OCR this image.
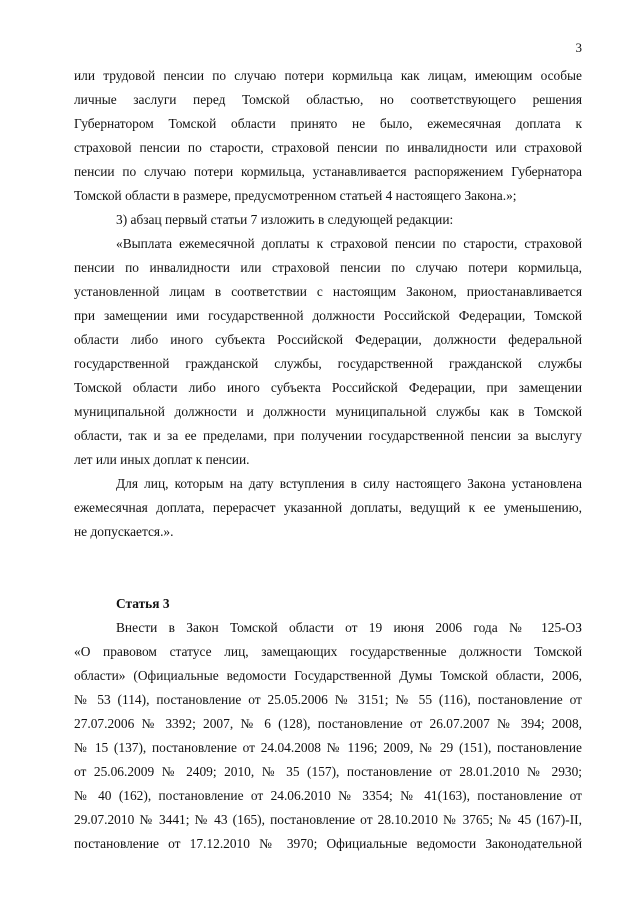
3
или трудовой пенсии по случаю потери кормильца как лицам, имеющим особые
личные заслуги перед Томской областью, но соответствующего решения
Губернатором Томской области принято не было, ежемесячная доплата к
страховой пенсии по старости, страховой пенсии по инвалидности или страховой
пенсии по случаю потери кормильца, устанавливается распоряжением Губернатора
Томской области в размере, предусмотренном статьей 4 настоящего Закона.»;
3) абзац первый статьи 7 изложить в следующей редакции:
«Выплата ежемесячной доплаты к страховой пенсии по старости, страховой
пенсии по инвалидности или страховой пенсии по случаю потери кормильца,
установленной лицам в соответствии с настоящим Законом, приостанавливается
при замещении ими государственной должности Российской Федерации, Томской
области либо иного субъекта Российской Федерации, должности федеральной
государственной гражданской службы, государственной гражданской службы
Томской области либо иного субъекта Российской Федерации, при замещении
муниципальной должности и должности муниципальной службы как в Томской
области, так и за ее пределами, при получении государственной пенсии за выслугу
лет или иных доплат к пенсии.
Для лиц, которым на дату вступления в силу настоящего Закона установлена
ежемесячная доплата, перерасчет указанной доплаты, ведущий к ее уменьшению,
не допускается.».
Статья 3
Внести в Закон Томской области от 19 июня 2006 года № 125-ОЗ
«О правовом статусе лиц, замещающих государственные должности Томской
области» (Официальные ведомости Государственной Думы Томской области, 2006,
№ 53 (114), постановление от 25.05.2006 № 3151; № 55 (116), постановление от
27.07.2006 № 3392; 2007, № 6 (128), постановление от 26.07.2007 № 394; 2008,
№ 15 (137), постановление от 24.04.2008 № 1196; 2009, № 29 (151), постановление
от 25.06.2009 № 2409; 2010, № 35 (157), постановление от 28.01.2010 № 2930;
№ 40 (162), постановление от 24.06.2010 № 3354; № 41(163), постановление от
29.07.2010 № 3441; № 43 (165), постановление от 28.10.2010 № 3765; № 45 (167)-II,
постановление от 17.12.2010 № 3970; Официальные ведомости Законодательной
